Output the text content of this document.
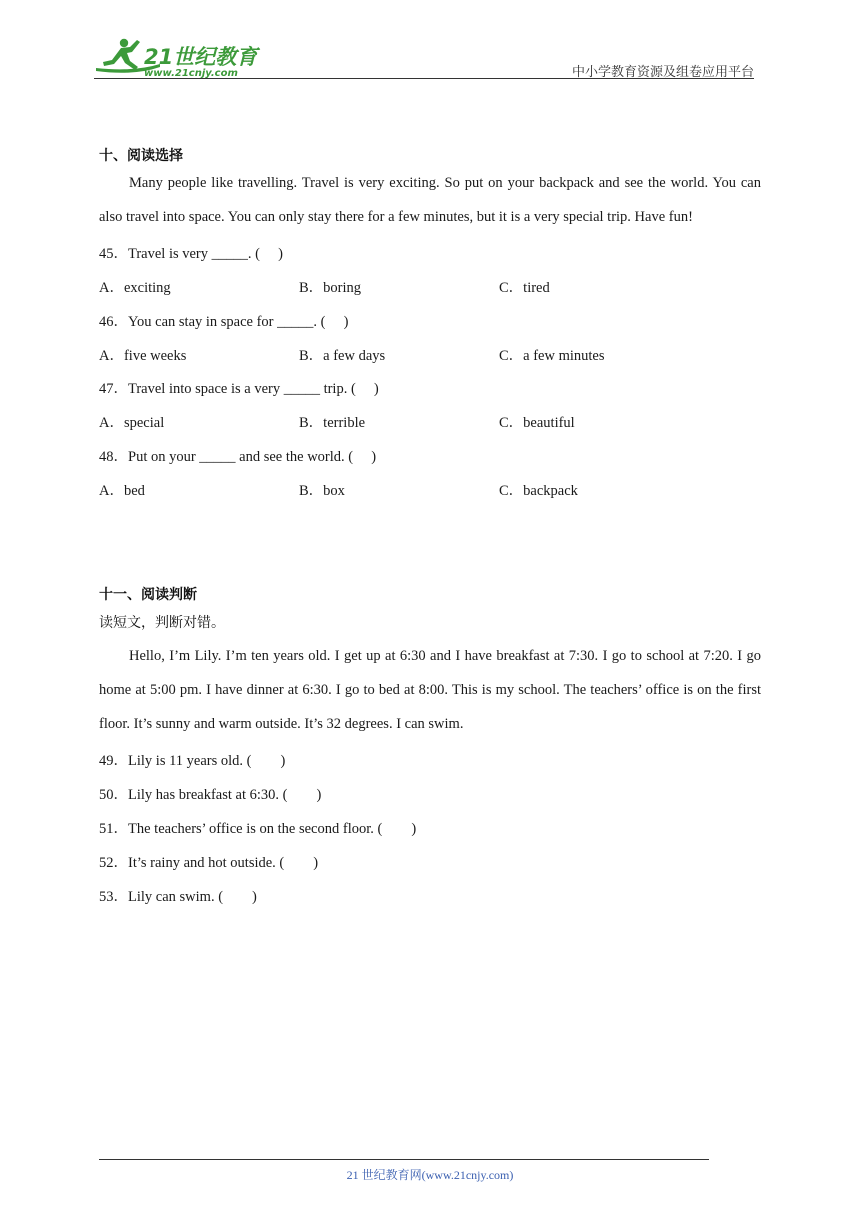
21世纪教育
www.21cnjy.com	中小学教育资源及组卷应用平台
十、阅读选择
Many people like travelling. Travel is very exciting. So put on your backpack and see the world. You can also travel into space. You can only stay there for a few minutes, but it is a very special trip. Have fun!
45．Travel is very _____. (     )
A．exciting	B．boring	C．tired
46．You can stay in space for _____. (     )
A．five weeks	B．a few days	C．a few minutes
47．Travel into space is a very _____ trip. (     )
A．special	B．terrible	C．beautiful
48．Put on your _____ and see the world. (     )
A．bed	B．box	C．backpack
十一、阅读判断
读短文，判断对错。
Hello, I’m Lily. I’m ten years old. I get up at 6:30 and I have breakfast at 7:30. I go to school at 7:20. I go home at 5:00 pm. I have dinner at 6:30. I go to bed at 8:00. This is my school. The teachers’ office is on the first floor. It’s sunny and warm outside. It’s 32 degrees. I can swim.
49．Lily is 11 years old. (        )
50．Lily has breakfast at 6:30. (        )
51．The teachers’ office is on the second floor. (        )
52．It’s rainy and hot outside. (        )
53．Lily can swim. (        )
21 世纪教育网(www.21cnjy.com)
